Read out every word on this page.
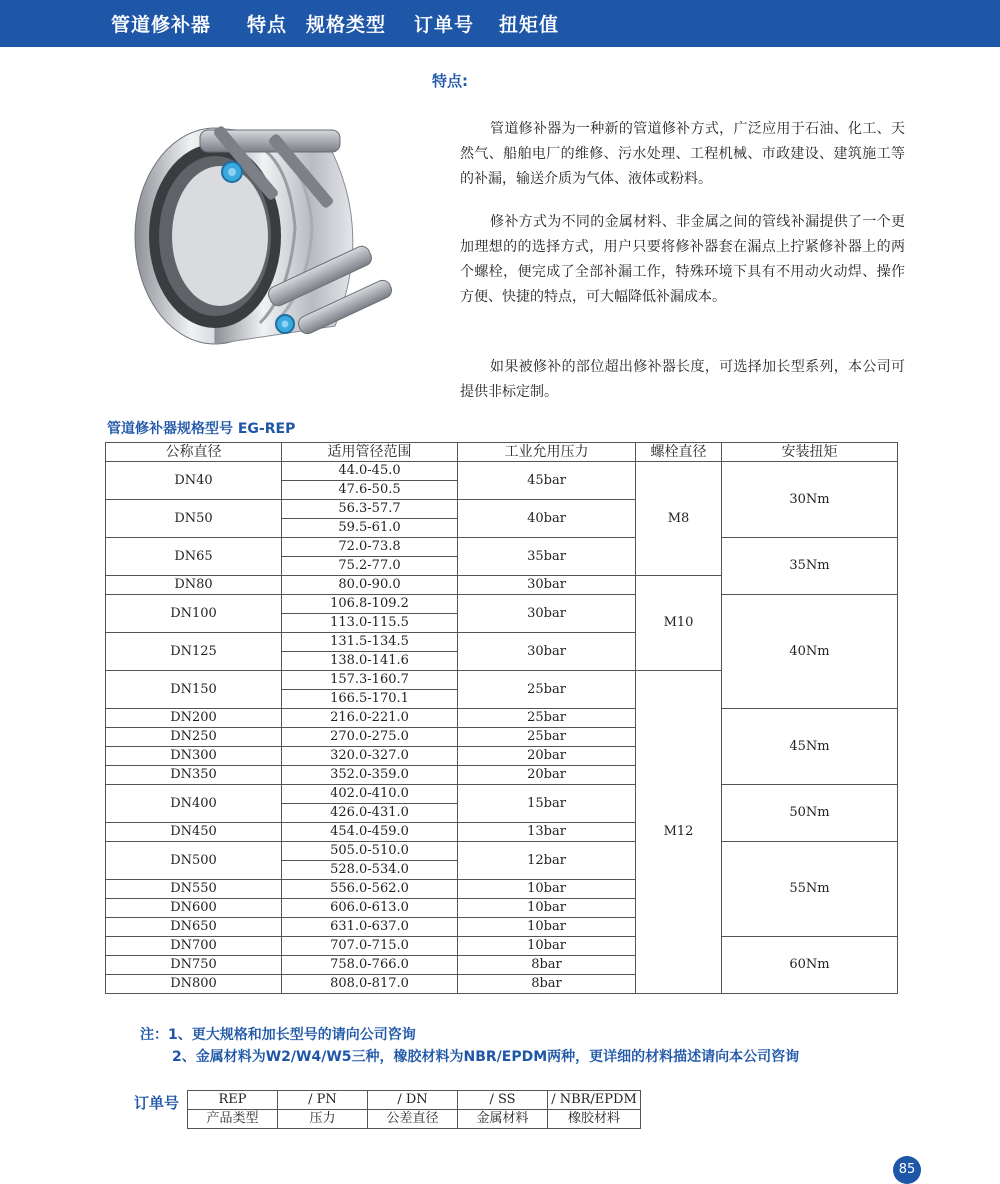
管道修补器 特点 规格类型 订单号 扭矩值
特点:

管道修补器为一种新的管道修补方式，广泛应用于石油、化工、天然气、船舶电厂的维修、污水处理、工程机械、市政建设、建筑施工等的补漏，输送介质为气体、液体或粉料。

修补方式为不同的金属材料、非金属之间的管线补漏提供了一个更加理想的的选择方式，用户只要将修补器套在漏点上拧紧修补器上的两个螺栓，便完成了全部补漏工作，特殊环境下具有不用动火动焊、操作方便、快捷的特点，可大幅降低补漏成本。

如果被修补的部位超出修补器长度，可选择加长型系列，本公司可提供非标定制。

管道修补器规格型号 EG-REP
公称直径	适用管径范围	工业允用压力	螺栓直径	安装扭矩
DN40	44.0-45.0	45bar	M8	30Nm
	47.6-50.5			
DN50	56.3-57.7	40bar		
	59.5-61.0			
DN65	72.0-73.8	35bar		35Nm
	75.2-77.0			
DN80	80.0-90.0	30bar	M10	
DN100	106.8-109.2	30bar		40Nm
	113.0-115.5			
DN125	131.5-134.5	30bar		
	138.0-141.6			
DN150	157.3-160.7	25bar	M12	
	166.5-170.1			
DN200	216.0-221.0	25bar		45Nm
DN250	270.0-275.0	25bar		
DN300	320.0-327.0	20bar		
DN350	352.0-359.0	20bar		
DN400	402.0-410.0	15bar		50Nm
	426.0-431.0			
DN450	454.0-459.0	13bar		
DN500	505.0-510.0	12bar		55Nm
	528.0-534.0			
DN550	556.0-562.0	10bar		
DN600	606.0-613.0	10bar		
DN650	631.0-637.0	10bar		
DN700	707.0-715.0	10bar		60Nm
DN750	758.0-766.0	8bar		
DN800	808.0-817.0	8bar		
注：1、更大规格和加长型号的请向公司咨询
2、金属材料为W2/W4/W5三种，橡胶材料为NBR/EPDM两种，更详细的材料描述请向本公司咨询
订单号	REP	/ PN	/ DN	/ SS	/ NBR/EPDM
产品类型	压力	公差直径	金属材料	橡胶材料
85
